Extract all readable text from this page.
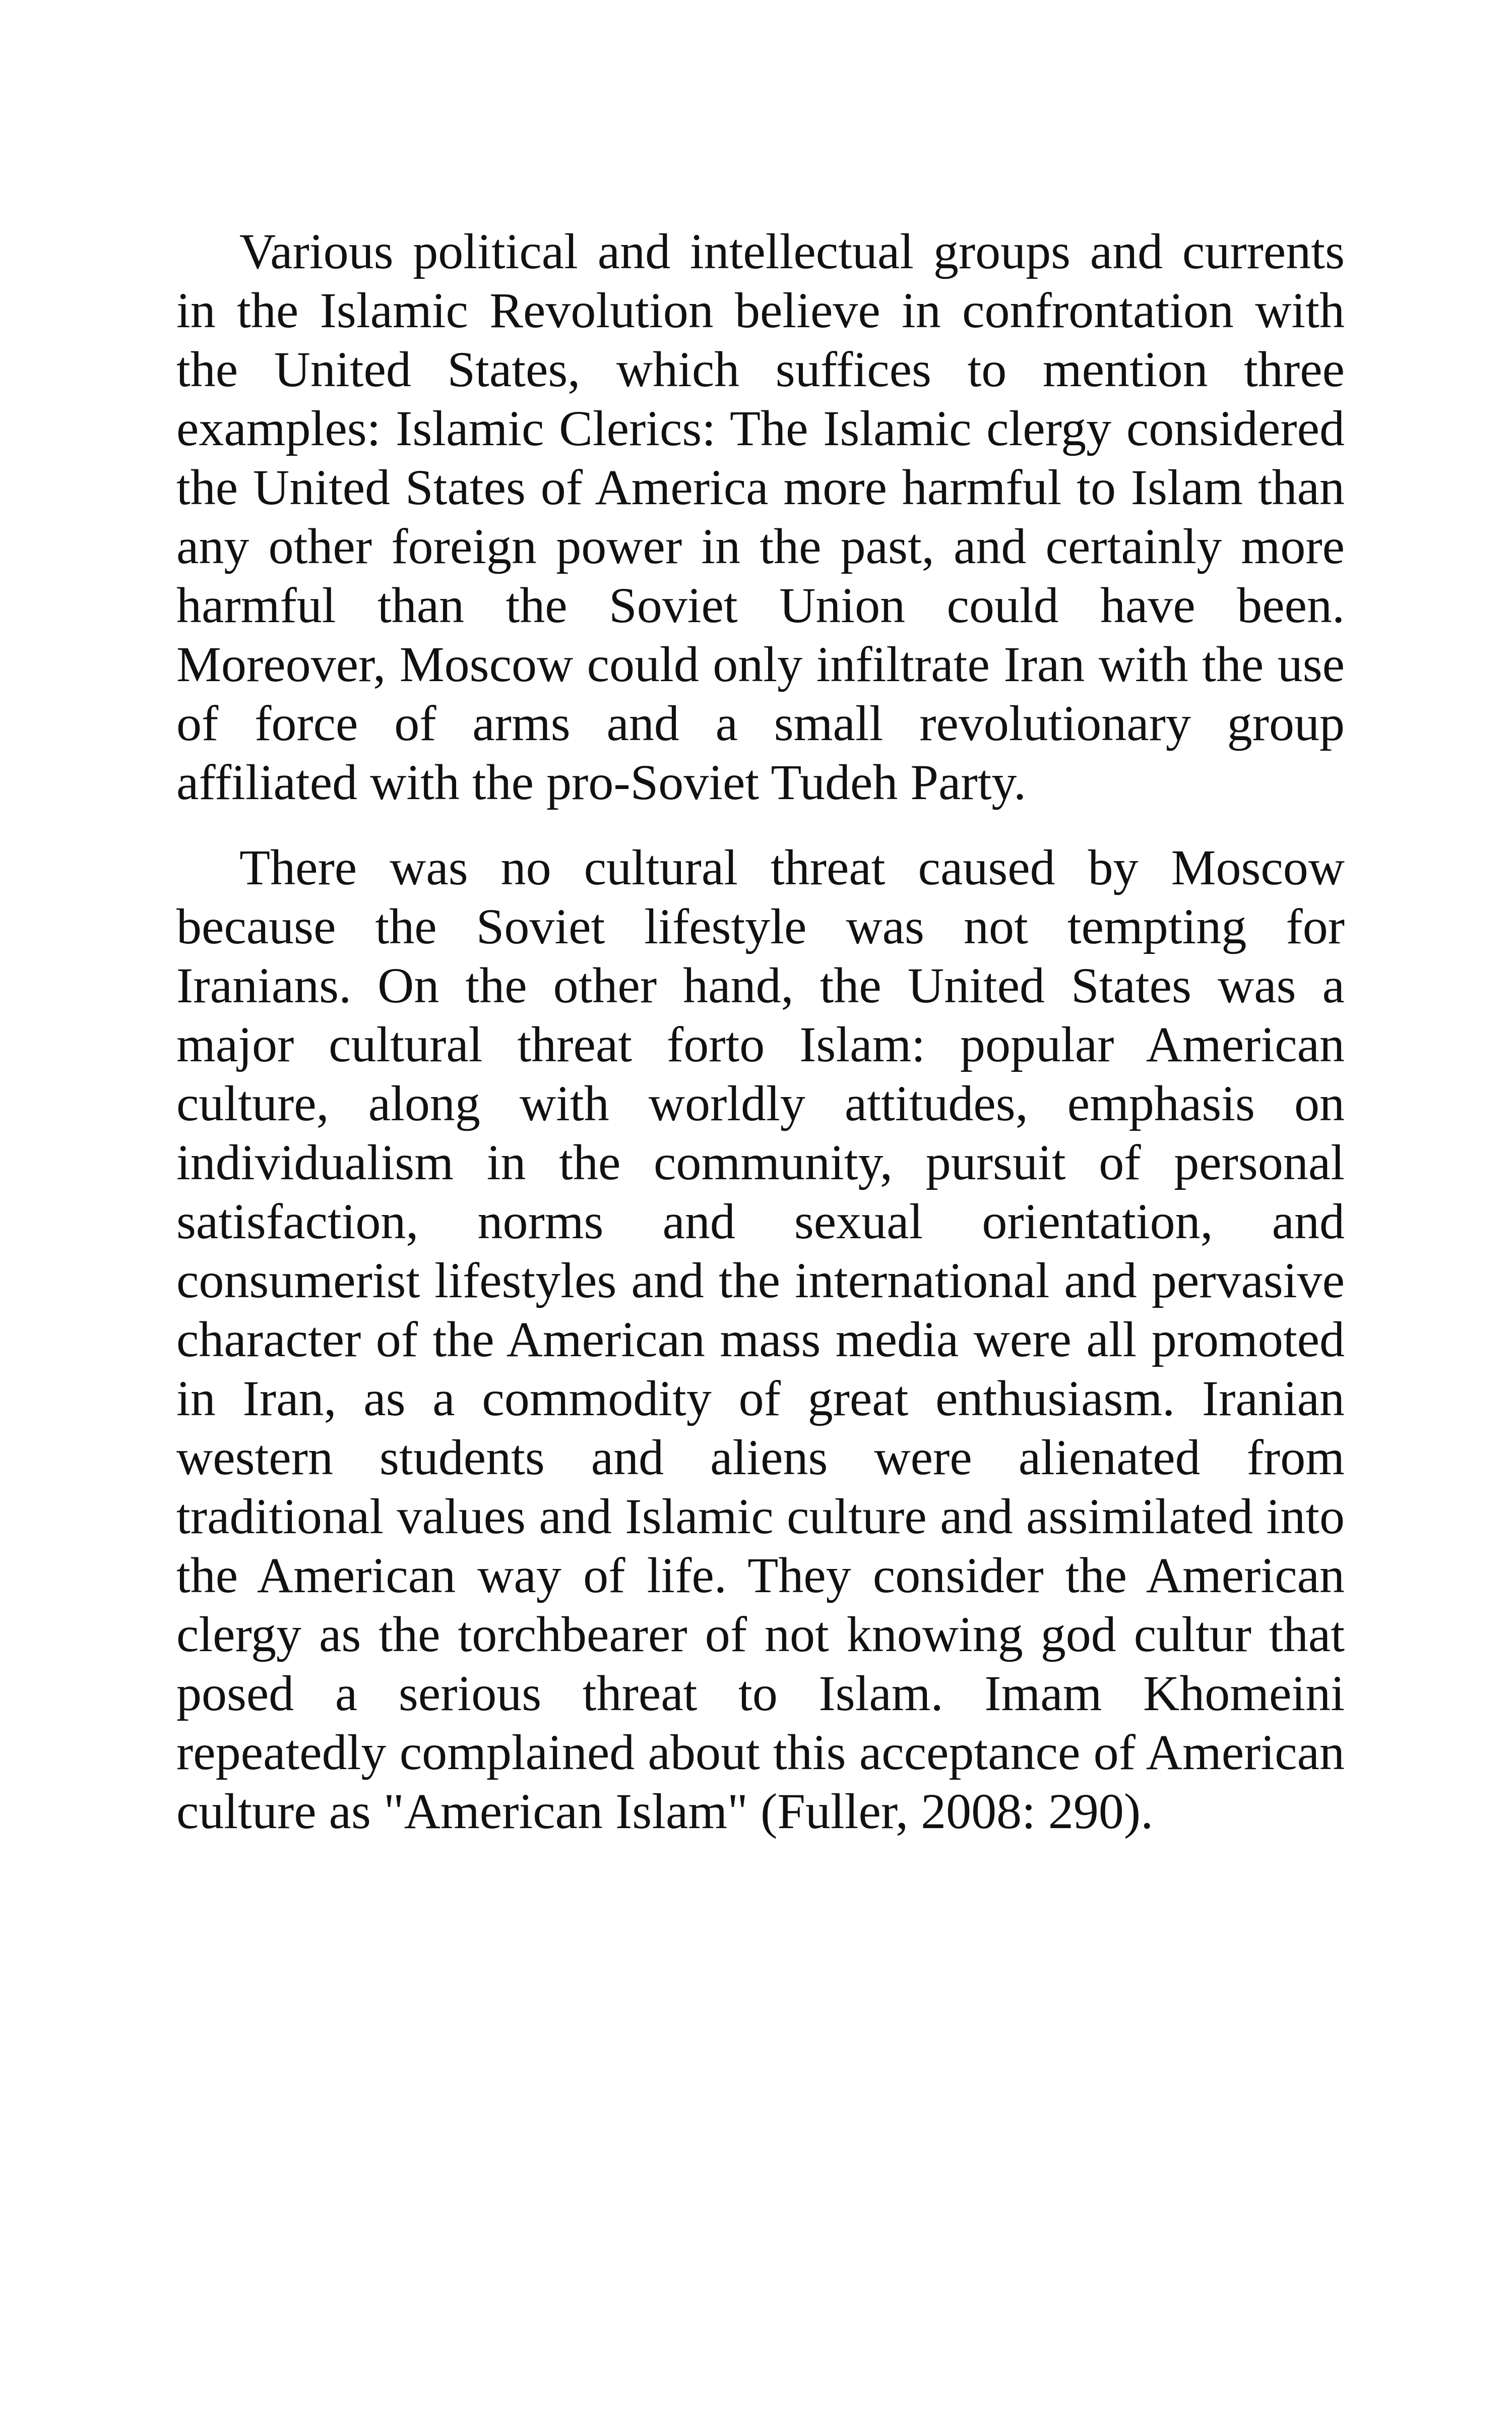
Various political and intellectual groups and currents in the Islamic Revolution believe in confrontation with the United States, which suffices to mention three examples: Islamic Clerics: The Islamic clergy considered the United States of America more harmful to Islam than any other foreign power in the past, and certainly more harmful than the Soviet Union could have been. Moreover, Moscow could only infiltrate Iran with the use of force of arms and a small revolutionary group affiliated with the pro-Soviet Tudeh Party.

There was no cultural threat caused by Moscow because the Soviet lifestyle was not tempting for Iranians. On the other hand, the United States was a major cultural threat forto Islam: popular American culture, along with worldly attitudes, emphasis on individualism in the community, pursuit of personal satisfaction, norms and sexual orientation, and consumerist lifestyles and the international and pervasive character of the American mass media were all promoted in Iran, as a commodity of great enthusiasm. Iranian western students and aliens were alienated from traditional values and Islamic culture and assimilated into the American way of life. They consider the American clergy as the torchbearer of not knowing god cultur that posed a serious threat to Islam. Imam Khomeini repeatedly complained about this acceptance of American culture as "American Islam" (Fuller, 2008: 290).
